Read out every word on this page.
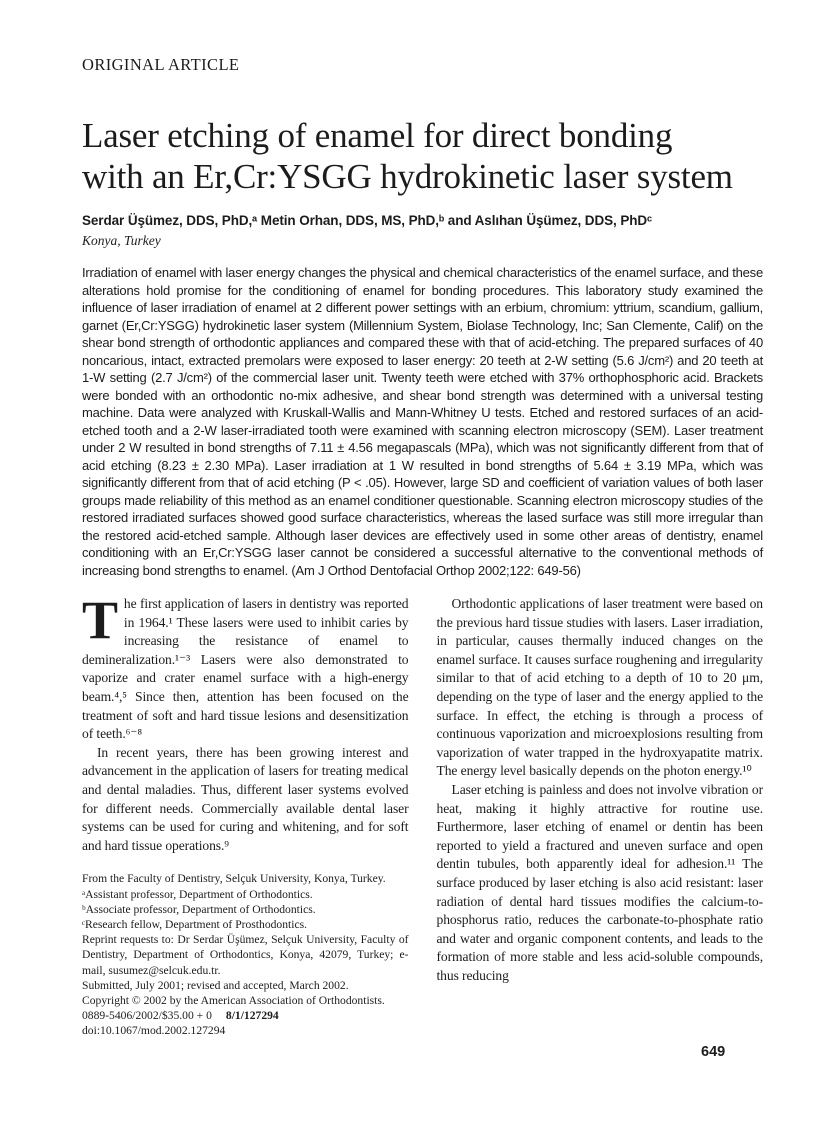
ORIGINAL ARTICLE
Laser etching of enamel for direct bonding
with an Er,Cr:YSGG hydrokinetic laser system
Serdar Üşümez, DDS, PhD,ᵃ Metin Orhan, DDS, MS, PhD,ᵇ and Aslıhan Üşümez, DDS, PhDᶜ
Konya, Turkey

Irradiation of enamel with laser energy changes the physical and chemical characteristics of the enamel surface, and these alterations hold promise for the conditioning of enamel for bonding procedures. This laboratory study examined the influence of laser irradiation of enamel at 2 different power settings with an erbium, chromium: yttrium, scandium, gallium, garnet (Er,Cr:YSGG) hydrokinetic laser system (Millennium System, Biolase Technology, Inc; San Clemente, Calif) on the shear bond strength of orthodontic appliances and compared these with that of acid-etching. The prepared surfaces of 40 noncarious, intact, extracted premolars were exposed to laser energy: 20 teeth at 2-W setting (5.6 J/cm²) and 20 teeth at 1-W setting (2.7 J/cm²) of the commercial laser unit. Twenty teeth were etched with 37% orthophosphoric acid. Brackets were bonded with an orthodontic no-mix adhesive, and shear bond strength was determined with a universal testing machine. Data were analyzed with Kruskall-Wallis and Mann-Whitney U tests. Etched and restored surfaces of an acid-etched tooth and a 2-W laser-irradiated tooth were examined with scanning electron microscopy (SEM). Laser treatment under 2 W resulted in bond strengths of 7.11 ± 4.56 megapascals (MPa), which was not significantly different from that of acid etching (8.23 ± 2.30 MPa). Laser irradiation at 1 W resulted in bond strengths of 5.64 ± 3.19 MPa, which was significantly different from that of acid etching (P < .05). However, large SD and coefficient of variation values of both laser groups made reliability of this method as an enamel conditioner questionable. Scanning electron microscopy studies of the restored irradiated surfaces showed good surface characteristics, whereas the lased surface was still more irregular than the restored acid-etched sample. Although laser devices are effectively used in some other areas of dentistry, enamel conditioning with an Er,Cr:YSGG laser cannot be considered a successful alternative to the conventional methods of increasing bond strengths to enamel. (Am J Orthod Dentofacial Orthop 2002;122: 649-56)

The first application of lasers in dentistry was reported in 1964.¹ These lasers were used to inhibit caries by increasing the resistance of enamel to demineralization.¹⁻³ Lasers were also demonstrated to vaporize and crater enamel surface with a high-energy beam.⁴,⁵ Since then, attention has been focused on the treatment of soft and hard tissue lesions and desensitization of teeth.⁶⁻⁸

In recent years, there has been growing interest and advancement in the application of lasers for treating medical and dental maladies. Thus, different laser systems evolved for different needs. Commercially available dental laser systems can be used for curing and whitening, and for soft and hard tissue operations.⁹

From the Faculty of Dentistry, Selçuk University, Konya, Turkey.
ᵃAssistant professor, Department of Orthodontics.
ᵇAssociate professor, Department of Orthodontics.
ᶜResearch fellow, Department of Prosthodontics.
Reprint requests to: Dr Serdar Üşümez, Selçuk University, Faculty of Dentistry, Department of Orthodontics, Konya, 42079, Turkey; e-mail, susumez@selcuk.edu.tr.
Submitted, July 2001; revised and accepted, March 2002.
Copyright © 2002 by the American Association of Orthodontists.
0889-5406/2002/$35.00 + 0 8/1/127294
doi:10.1067/mod.2002.127294

Orthodontic applications of laser treatment were based on the previous hard tissue studies with lasers. Laser irradiation, in particular, causes thermally induced changes on the enamel surface. It causes surface roughening and irregularity similar to that of acid etching to a depth of 10 to 20 μm, depending on the type of laser and the energy applied to the surface. In effect, the etching is through a process of continuous vaporization and microexplosions resulting from vaporization of water trapped in the hydroxyapatite matrix. The energy level basically depends on the photon energy.¹⁰

Laser etching is painless and does not involve vibration or heat, making it highly attractive for routine use. Furthermore, laser etching of enamel or dentin has been reported to yield a fractured and uneven surface and open dentin tubules, both apparently ideal for adhesion.¹¹ The surface produced by laser etching is also acid resistant: laser radiation of dental hard tissues modifies the calcium-to-phosphorus ratio, reduces the carbonate-to-phosphate ratio and water and organic component contents, and leads to the formation of more stable and less acid-soluble compounds, thus reducing

649
